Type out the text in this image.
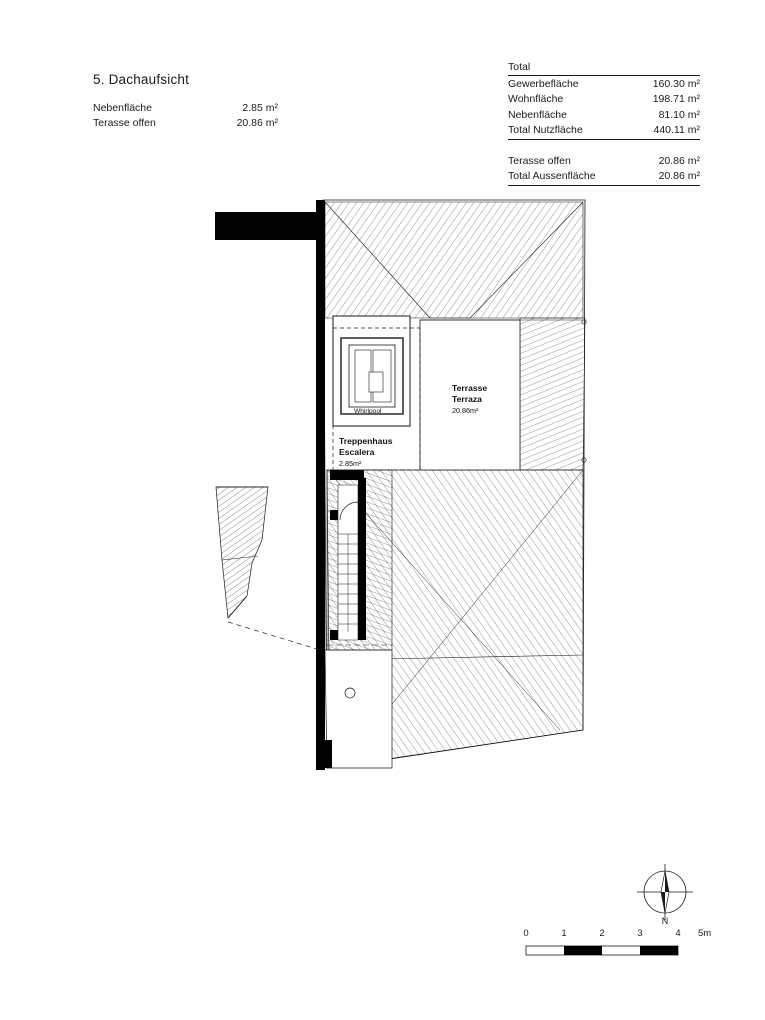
5. Dachaufsicht
Nebenfläche	2.85 m²
Terasse offen	20.86 m²
Total
Gewerbefläche	160.30 m²
Wohnfläche	198.71 m²
Nebenfläche	81.10 m²
Total Nutzfläche	440.11 m²
Terasse offen	20.86 m²
Total Aussenfläche	20.86 m²
Terrasse
Terraza
20.86m²
Treppenhaus
Escalera
2.85m²
Whirlpool
N
0	1	2	3	4 5m
